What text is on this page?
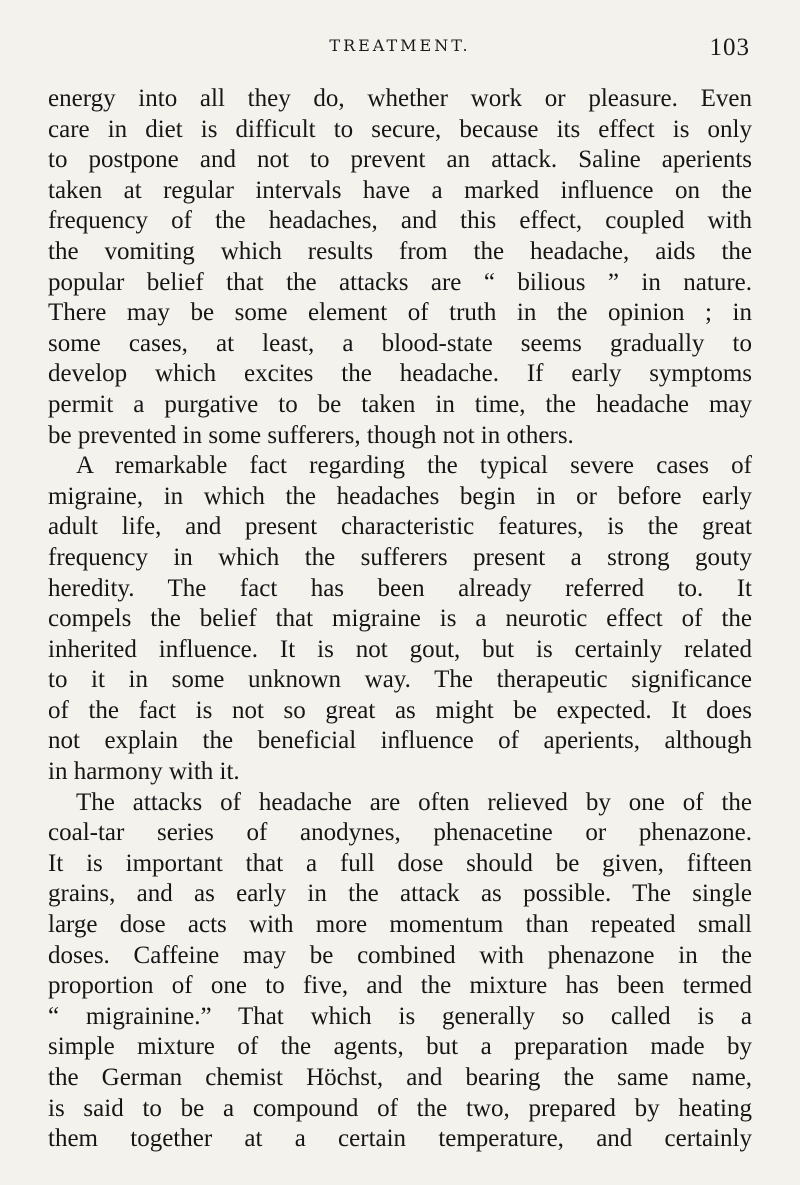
TREATMENT.	103
energy into all they do, whether work or pleasure. Even
care in diet is difficult to secure, because its effect is only
to postpone and not to prevent an attack. Saline aperients
taken at regular intervals have a marked influence on the
frequency of the headaches, and this effect, coupled with
the vomiting which results from the headache, aids the
popular belief that the attacks are “ bilious ” in nature.
There may be some element of truth in the opinion ; in
some cases, at least, a blood-state seems gradually to
develop which excites the headache. If early symptoms
permit a purgative to be taken in time, the headache may
be prevented in some sufferers, though not in others.
A remarkable fact regarding the typical severe cases of
migraine, in which the headaches begin in or before early
adult life, and present characteristic features, is the great
frequency in which the sufferers present a strong gouty
heredity. The fact has been already referred to. It
compels the belief that migraine is a neurotic effect of the
inherited influence. It is not gout, but is certainly related
to it in some unknown way. The therapeutic significance
of the fact is not so great as might be expected. It does
not explain the beneficial influence of aperients, although
in harmony with it.
The attacks of headache are often relieved by one of the
coal-tar series of anodynes, phenacetine or phenazone.
It is important that a full dose should be given, fifteen
grains, and as early in the attack as possible. The single
large dose acts with more momentum than repeated small
doses. Caffeine may be combined with phenazone in the
proportion of one to five, and the mixture has been termed
“ migrainine.” That which is generally so called is a
simple mixture of the agents, but a preparation made by
the German chemist Höchst, and bearing the same name,
is said to be a compound of the two, prepared by heating
them together at a certain temperature, and certainly
